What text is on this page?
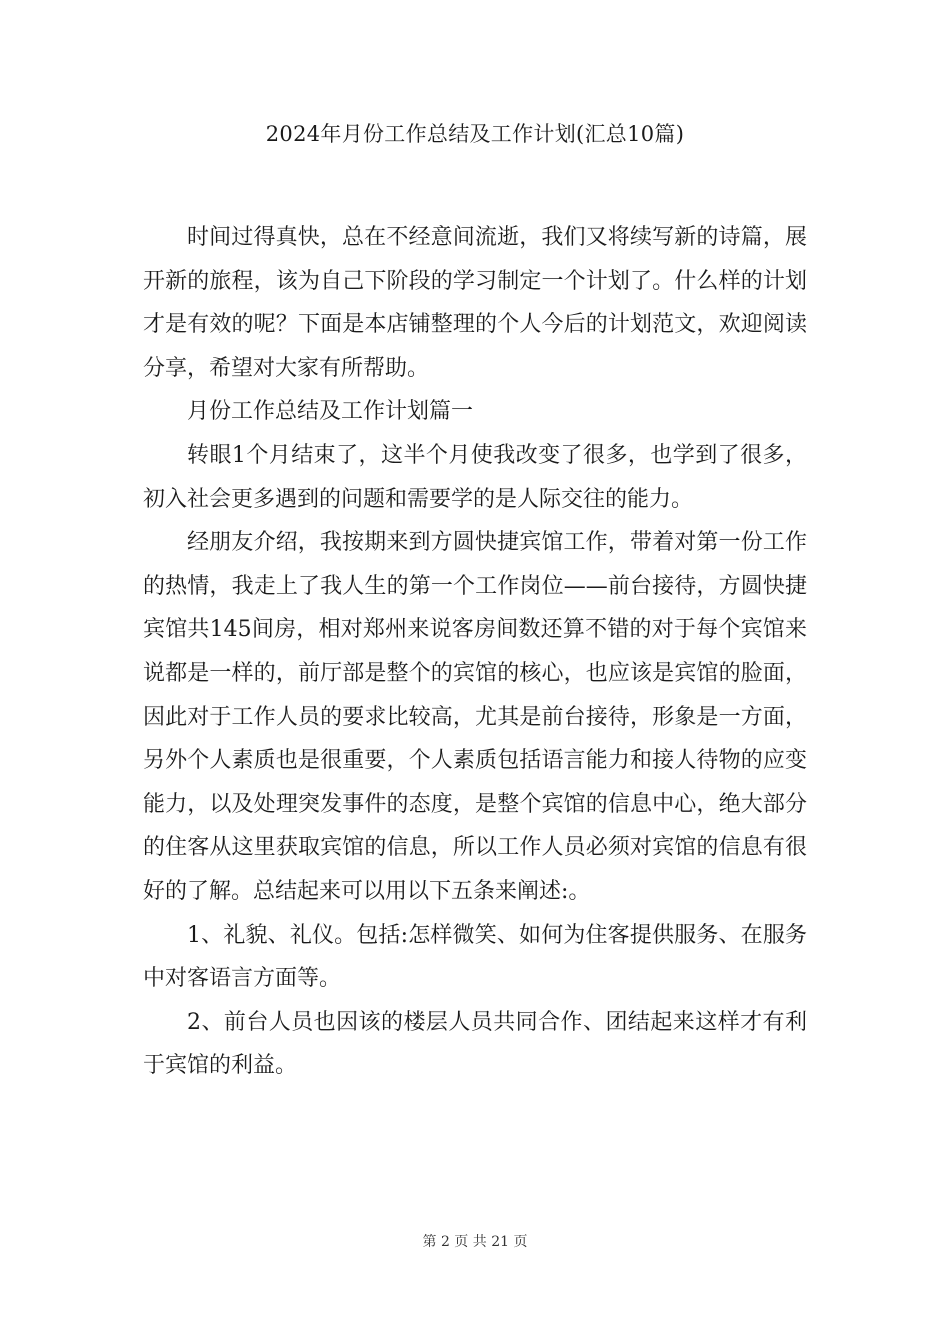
2024年月份工作总结及工作计划(汇总10篇)

时间过得真快，总在不经意间流逝，我们又将续写新的诗篇，展开新的旅程，该为自己下阶段的学习制定一个计划了。什么样的计划才是有效的呢？下面是本店铺整理的个人今后的计划范文，欢迎阅读分享，希望对大家有所帮助。

月份工作总结及工作计划篇一

转眼1个月结束了，这半个月使我改变了很多，也学到了很多，初入社会更多遇到的问题和需要学的是人际交往的能力。

经朋友介绍，我按期来到方圆快捷宾馆工作，带着对第一份工作的热情，我走上了我人生的第一个工作岗位——前台接待，方圆快捷宾馆共145间房，相对郑州来说客房间数还算不错的对于每个宾馆来说都是一样的，前厅部是整个的宾馆的核心，也应该是宾馆的脸面，因此对于工作人员的要求比较高，尤其是前台接待，形象是一方面，另外个人素质也是很重要，个人素质包括语言能力和接人待物的应变能力，以及处理突发事件的态度，是整个宾馆的信息中心，绝大部分的住客从这里获取宾馆的信息，所以工作人员必须对宾馆的信息有很好的了解。总结起来可以用以下五条来阐述:。

1、礼貌、礼仪。包括:怎样微笑、如何为住客提供服务、在服务中对客语言方面等。

2、前台人员也因该的楼层人员共同合作、团结起来这样才有利于宾馆的利益。

第 2 页 共 21 页
